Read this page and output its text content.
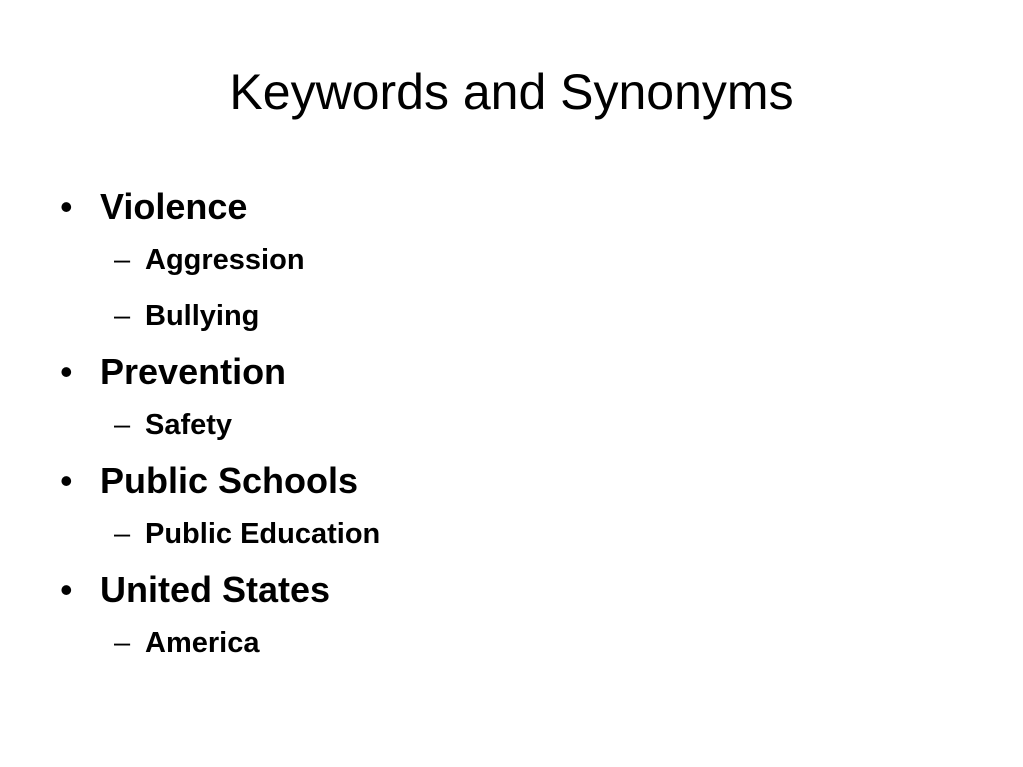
Keywords and Synonyms
• Violence
– Aggression
– Bullying
• Prevention
– Safety
• Public Schools
– Public Education
• United States
– America
